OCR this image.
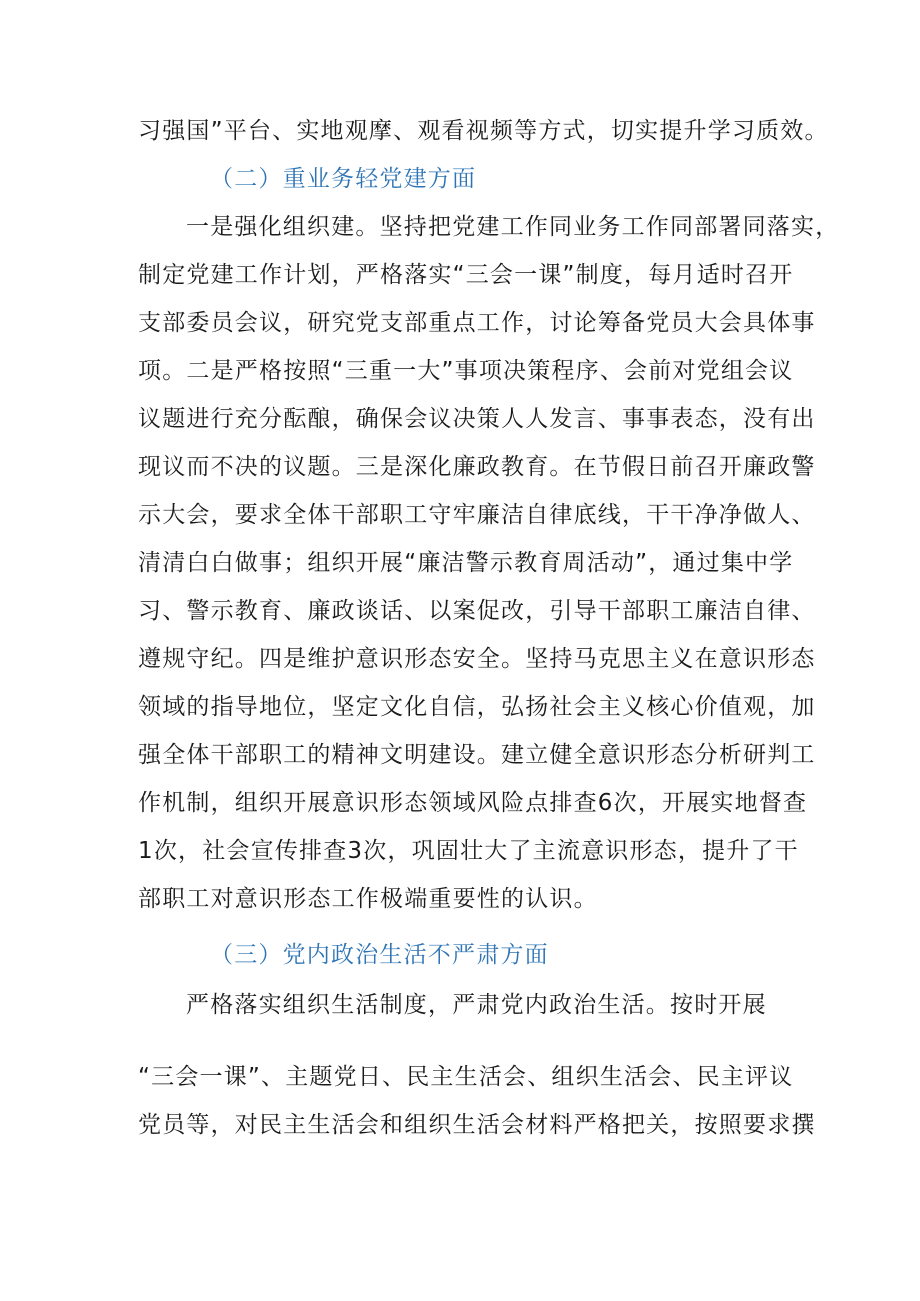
习强国”平台、实地观摩、观看视频等方式，切实提升学习质效。
（二）重业务轻党建方面
一是强化组织建。坚持把党建工作同业务工作同部署同落实，
制定党建工作计划，严格落实“三会一课”制度，每月适时召开
支部委员会议，研究党支部重点工作，讨论筹备党员大会具体事
项。二是严格按照“三重一大”事项决策程序、会前对党组会议
议题进行充分酝酿，确保会议决策人人发言、事事表态，没有出
现议而不决的议题。三是深化廉政教育。在节假日前召开廉政警
示大会，要求全体干部职工守牢廉洁自律底线，干干净净做人、
清清白白做事；组织开展“廉洁警示教育周活动”，通过集中学
习、警示教育、廉政谈话、以案促改，引导干部职工廉洁自律、
遵规守纪。四是维护意识形态安全。坚持马克思主义在意识形态
领域的指导地位，坚定文化自信，弘扬社会主义核心价值观，加
强全体干部职工的精神文明建设。建立健全意识形态分析研判工
作机制，组织开展意识形态领域风险点排查6次，开展实地督查
1次，社会宣传排查3次，巩固壮大了主流意识形态，提升了干
部职工对意识形态工作极端重要性的认识。
（三）党内政治生活不严肃方面
严格落实组织生活制度，严肃党内政治生活。按时开展
“三会一课”、主题党日、民主生活会、组织生活会、民主评议
党员等，对民主生活会和组织生活会材料严格把关，按照要求撰
